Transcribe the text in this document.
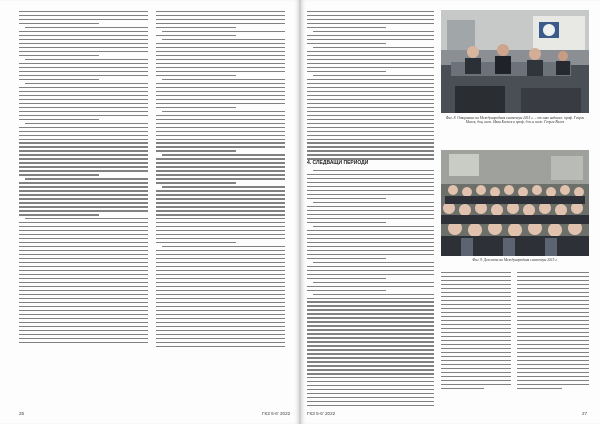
26	ГКЗ 5-6' 2022
Фиг. 8. Откриване на Международния симпозиум 2015 г. – от ляво надясно: проф. Георги Малев, доц. инж. Иван Калчев и проф. д.т.н. инж. Георги Вълев
4. СЛЕДВАЩИ ПЕРИОДИ
Фиг. 9. Делегати на Международния симпозиум 2015 г.
ГКЗ 5-6' 2022	27
